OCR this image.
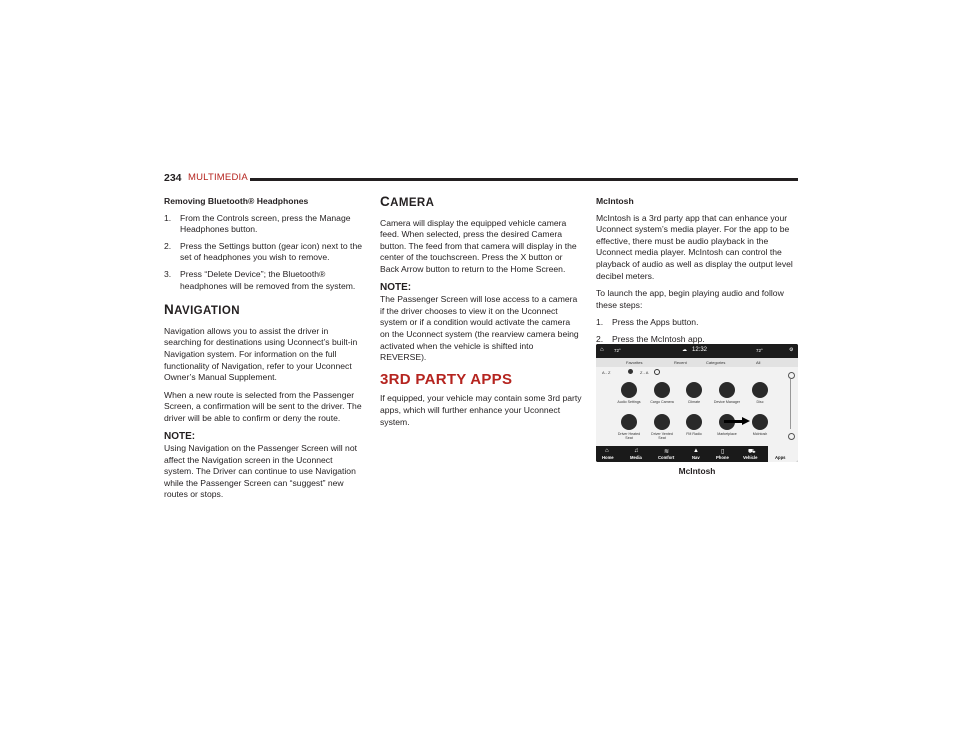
234 MULTIMEDIA

Removing Bluetooth® Headphones

1. From the Controls screen, press the Manage Headphones button.
2. Press the Settings button (gear icon) next to the set of headphones you wish to remove.
3. Press “Delete Device”; the Bluetooth® headphones will be removed from the system.
NAVIGATION

Navigation allows you to assist the driver in searching for destinations using Uconnect’s built-in Navigation system. For information on the full functionality of Navigation, refer to your Uconnect Owner’s Manual Supplement.

When a new route is selected from the Passenger Screen, a confirmation will be sent to the driver. The driver will be able to confirm or deny the route.

NOTE:

Using Navigation on the Passenger Screen will not affect the Navigation screen in the Uconnect system. The Driver can continue to use Navigation while the Passenger Screen can “suggest” new routes or stops.

CAMERA

Camera will display the equipped vehicle camera feed. When selected, press the desired Camera button. The feed from that camera will display in the center of the touchscreen. Press the X button or Back Arrow button to return to the Home Screen.

NOTE:

The Passenger Screen will lose access to a camera if the driver chooses to view it on the Uconnect system or if a condition would activate the camera on the Uconnect system (the rearview camera being activated when the vehicle is shifted into REVERSE).

3RD PARTY APPS

If equipped, your vehicle may contain some 3rd party apps, which will further enhance your Uconnect system.

McIntosh

McIntosh is a 3rd party app that can enhance your Uconnect system’s media player. For the app to be effective, there must be audio playback in the Uconnect media player. McIntosh can control the playback of audio as well as display the output level decibel meters.

To launch the app, begin playing audio and follow these steps:

1. Press the Apps button.
2. Press the McIntosh app.
⌂ 72°	☁ 12:32	72°	⚙
Favorites	Recent	Categories	All
A - Z	Z - A
Audio Settings	Cargo Camera	Climate	Device Manager	Disc
Driver Heated Seat
Driver Vented Seat
FM Radio	Marketplace	McIntosh
⌂
Home
♫
Media
≋
Comfort
▲
Nav
▯
Phone
⛟
Vehicle	Apps
McIntosh
